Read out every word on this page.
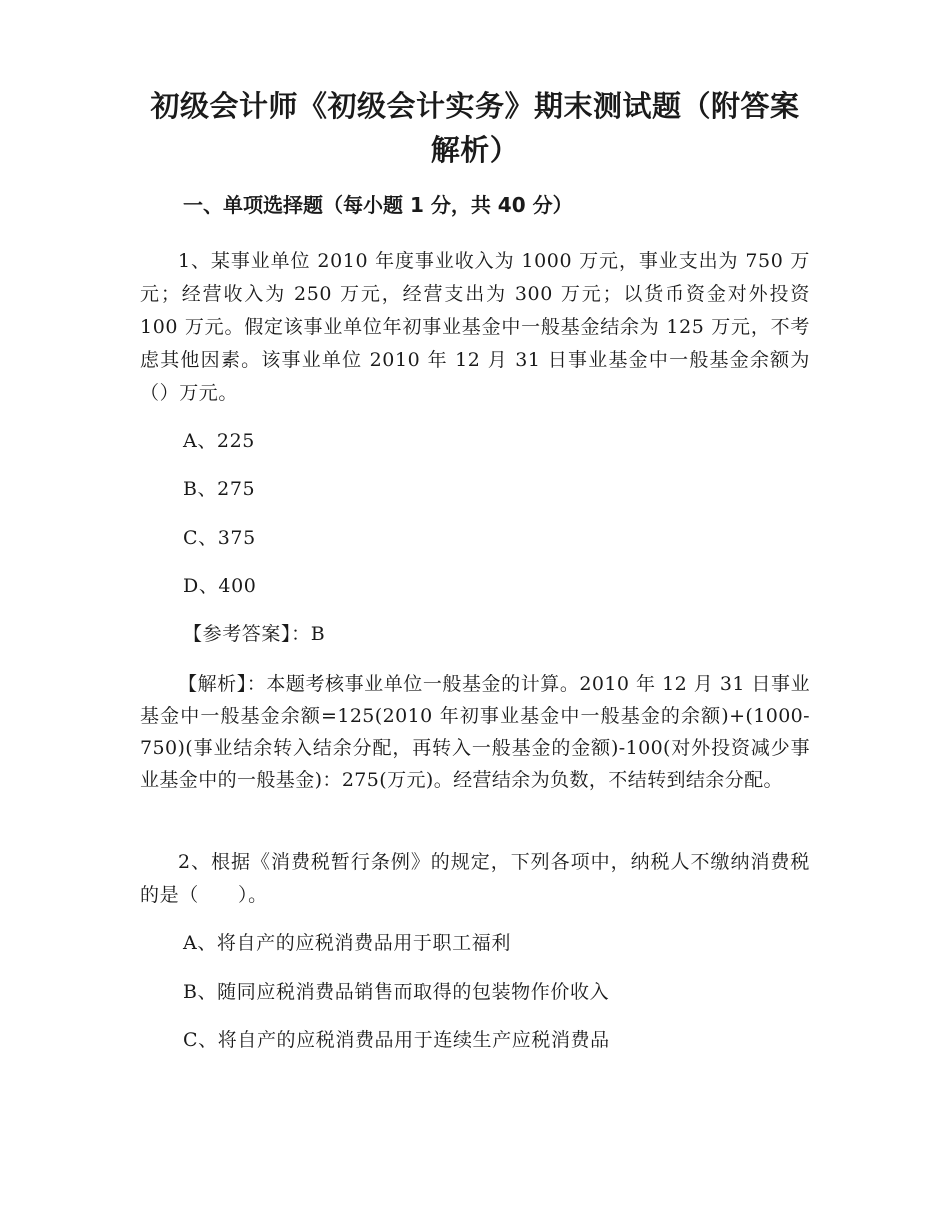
初级会计师《初级会计实务》期末测试题（附答案解析）
一、单项选择题（每小题 1 分，共 40 分）

1、某事业单位 2010 年度事业收入为 1000 万元，事业支出为 750 万元；经营收入为 250 万元，经营支出为 300 万元；以货币资金对外投资 100 万元。假定该事业单位年初事业基金中一般基金结余为 125 万元，不考虑其他因素。该事业单位 2010 年 12 月 31 日事业基金中一般基金余额为（）万元。

A、225

B、275

C、375

D、400

【参考答案】：B

【解析】：本题考核事业单位一般基金的计算。2010 年 12 月 31 日事业基金中一般基金余额=125(2010 年初事业基金中一般基金的余额)+(1000-750)(事业结余转入结余分配，再转入一般基金的金额)-100(对外投资减少事业基金中的一般基金)：275(万元)。经营结余为负数，不结转到结余分配。

2、根据《消费税暂行条例》的规定，下列各项中，纳税人不缴纳消费税的是（　　）。

A、将自产的应税消费品用于职工福利

B、随同应税消费品销售而取得的包装物作价收入

C、将自产的应税消费品用于连续生产应税消费品
